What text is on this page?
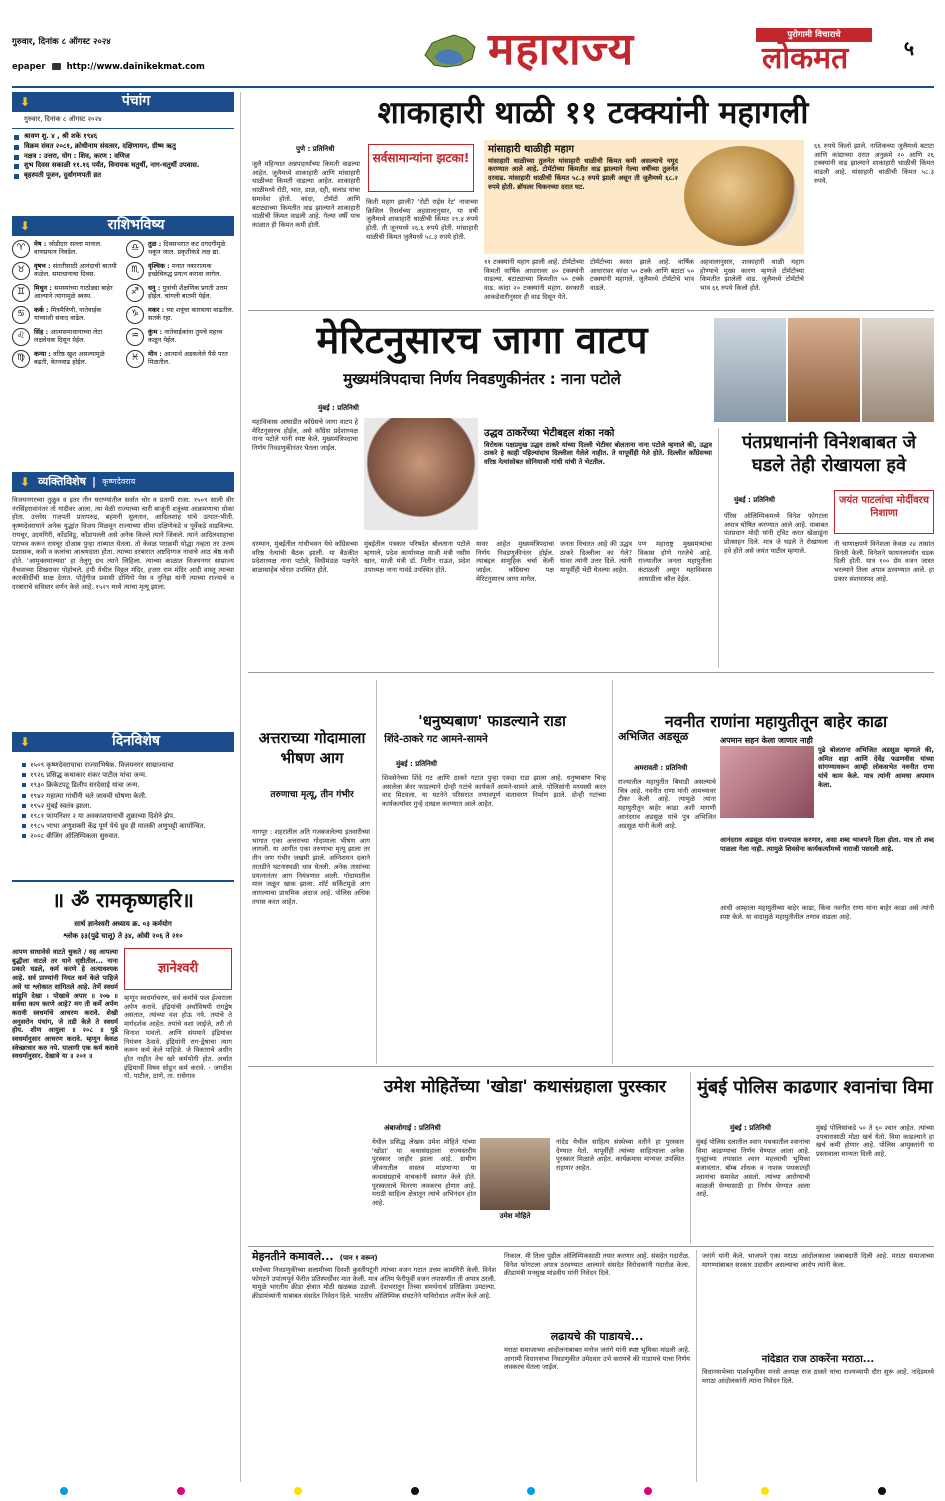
गुरुवार, दिनांक ८ ऑगस्ट २०२४
epaper http://www.dainikekmat.com	महाराज्य	पुरोगामी विचाराचे
लोकमत	५
⬇	पंचांग
गुरुवार, दिनांक ८ ऑगस्ट २०२४
श्रावण शु. ४ , श्री शके १९४६
विक्रम संवत २०८१, क्रोधीनाम संवत्सर, दक्षिणायन, ग्रीष्म ऋतु
नक्षत्र : उत्तरा, योग : शिव, करण : वणिज
शुभ दिवस सकाळी ११.१६ पर्यंत, विनायक चतुर्थी, नाग-चतुर्थी उपवास.
बृहस्पती पूजन, दुर्वागणपती व्रत
⬇	राशिभविष्य
♈	मेष : जोडीदार सल्ला मानाल. वाणप्रयत्न निवडेल.
♉	वृषभ : संततीसाठी आनंदाची बातमी कळेल. समाधानाचा दिवस.
♊	मिथुन : समस्यांच्या गाठोड्या बाहेर आल्याने त्यागामुळे स्वस्थ.
♋	कर्क : मित्रमैत्रिणी, नातेवाईक यांच्याशी संवाद वाढेल.
♌	सिंह : आत्मसमाधानाच्या लेटा लक्षवेधक दिसून येईल.
♍	कन्या : वरिष्ठ खुश असल्यामुळे बढती, वेतनवाढ होईल.
♎	तुळ : दिवसभरात कट दगदगीमुळे थकून जाल. प्रकृतीकडे लक्ष द्या.
♏	वृश्चिक : मनात नकारात्मक इच्छेविरुद्ध प्रयत्न करावा लागेल.
♐	धनु : पुत्रांची शैक्षणिक प्रगती उत्तम होईल. चांगली बातमी येईल.
♑	मकर : घ्या शत्रूंचा कारवाया वाढतील. सतर्क रहा.
♒	कुंभ : नातेवाईकांना तुमचे महत्त्व कळून येईल.
♓	मीन : आत्मार्थ अडकलेले पैसे परत मिळतील.
⬇ व्यक्तिविशेष | कृष्णदेवराय
विजयनगरच्या तुळुव व इतर तीन घराण्यांतील सर्वात थोर व प्रतापी राजा. १५०९ साली वीर नरसिंहरावांनंतर तो गादीवर आला. त्या वेळी राज्याच्या चारी बाजूंनी शत्रूंच्या आक्रमणाचा धोका होता. उत्तरेस गजपती प्रतापरुद्र, बहमनी सुलतान, आदिलशाह यांचे उत्पात-भीती. कृष्णदेवरायाने अनेक युद्धांत विजय मिळवून राज्याच्या सीमा दक्षिणेकडे व पूर्वेकडे वाढविल्या. रायचूर, उदयगिरी, कोंडविडू, कोंडापल्ली असे अनेक किल्ले त्याने जिंकले. त्याने आदिलशाहाचा पराभव करून रायचूर दोआब पुन्हा ताब्यात घेतला. तो केवळ पराक्रमी योद्धा नव्हता तर उत्तम प्रशासक, कवी व कलांचा आश्रयदाता होता. त्याच्या दरबारात अष्टदिग्गज नावाचे आठ श्रेष्ठ कवी होते. 'आमुक्तमाल्यदा' हा तेलुगू ग्रंथ त्याने लिहिला. त्याच्या काळात विजयनगर साम्राज्य वैभवाच्या शिखरावर पोहोचले. हंपी येथील विठ्ठल मंदिर, हजार राम मंदिर आदी वास्तू त्याच्या कारकीर्दीची साक्ष देतात. पोर्तुगीज प्रवासी डॉमिंगो पेस व नुनिझ यांनी त्याच्या राज्याचे व दरबाराचे सविस्तर वर्णन केले आहे. १५२९ मध्ये त्याचा मृत्यू झाला.
⬇	दिनविशेष
१५०९ कृष्णदेवरायाचा राज्याभिषेक. विजयनगर साम्राज्याचा
१९२६ प्रसिद्ध कथाकार शंकर पाटील यांचा जन्म.
१९३० क्रिकेटपटू डिलीप सरदेसाई यांचा जन्म.
१९४२ महात्मा गांधींनी चले जावची घोषणा केली.
१९५२ मुंबई स्वतंत्र झाला.
१९८१ फायनिशर २ या अवकाशयानाची शुक्राच्या दिशेने झेप.
१९८५ भाभा अणुशक्ती केंद्र पूर्ण येथे ध्रुव ही मालकी अणुभट्टी कार्यान्वित.
२००८ बीजिंग ऑलिम्पिकला सुरुवात.
॥ ॐ रामकृष्णहरि॥
सार्थ ज्ञानेश्वरी अध्याय क्र. ०३ कर्मयोग
श्लोक ३३(पुढे चालू) ते ३४, ओवी २०६ ते २१०
आपण साधावेसे वाटते चुकते / वह आपल्या बुद्धीला वाटले तर याने सृष्टीतील... नाना प्रकारे घडले, कर्म करणे हे अत्यावश्यक आहे. सर्व प्राण्यांनी नियत कर्म केले पाहिजे असे या श्लोकात सांगितले आहे. तेणें स्वधर्म सांडूनि देखा । पोखावे अपार ॥ २०७ ॥ सर्वथा काय करणे आहे? मग ती कर्मे अर्पण करावी स्वधर्माचे आचरण करावे. शेखी अनुसरोन पंचांग, जे तडी केले ते स्वधर्म होय. शीण आयुला ॥ २०८ ॥ पुढे स्वधर्मानुसार आचरण करावे. म्हणून केवळ स्वेच्छाचार करु नये. यालागी एक कर्म करावे स्वधर्मानुसार. देखावे या ॥ २०१ ॥
ज्ञानेश्वरी
म्हणून स्वधर्माचरण, सर्व कर्मांचे फल ईश्वराला अर्पण करावे. इंद्रियांची अर्थाविषयी रागद्वेष असतात, त्यांच्या वश होऊ नये. तयांचे ते मार्गदर्शक आहेत. तयांचे वशा जाईजे, तरी तो विनाश पावतो. आणि संयमाने इंद्रियांवर नियंत्रण ठेवावे. इंद्रियांनी राग-द्वेषाचा त्याग करून कर्म केले पाहिजे. जे विकाराचे अधीन होत नाहीत तेच खरे कर्मयोगी होत. अर्थात इंद्रियार्थी विषय सोडून कर्म करावे. - जगदीश गो. पाटील, ठाणे, ता. रासेगाव
शाकाहारी थाळी ११ टक्क्यांनी महागली
पुणे : प्रतिनिधी
सर्वसामान्यांना झटका!
जुलै महिन्यात अन्नपदार्थांच्या किमती वाढल्या आहेत. जुलैमध्ये शाकाहारी आणि मांसाहारी थाळीच्या किमती वाढल्या आहेत. शाकाहारी थाळीमध्ये रोटी, भात, डाळ, दही, सलाड यांचा समावेश होतो. कांदा, टोमॅटो आणि बटाट्याच्या किमतीत वाढ झाल्याने शाकाहारी थाळीची किंमत वाढली आहे. गेल्या वर्षी याच काळात ही किंमत कमी होती.
किती महाग झाली? 'रोटी राईस रेट' नावाच्या क्रिसिल रिसर्चच्या अहवालानुसार, या वर्षी जुलैमध्ये शाकाहारी थाळीची किंमत २९.४ रुपये होती. ती जूनमध्ये २६.६ रुपये होती. मांसाहारी थाळीची किंमत जुलैमध्ये ५८.३ रुपये होती.
मांसाहारी थाळीही महाग
मांसाहारी थाळीच्या तुलनेत मांसाहारी थाळीची किंमत कमी असल्याचे नमूद करण्यात आले आहे. टोमॅटोच्या किंमतीत वाढ झाल्याने गेल्या वर्षीच्या तुलनेत दरवाढ. मांसाहारी थाळीची किंमत ५८.३ रुपये झाली असून ती जुलैमध्ये ६८.२ रुपये होती. ब्रॉयलर चिकनच्या दरात घट.
११ टक्क्यांनी महाग झाली आहे. टोमॅटोच्या किमती वार्षिक आधारावर ४० टक्क्यांनी वाढल्या. बटाट्याच्या किमतीत ५० टक्के वाढ. कांदा २० टक्क्यांनी महाग. सरकारी आकडेवारीनुसार ही वाढ दिसून येते.
टोमॅटोच्या स्वस्त झाले आहे. वार्षिक आधारावर कांदा ५० टक्के आणि बटाटा ५० टक्क्यांनी महागले. जुलैमध्ये टोमॅटोचे भाव वाढले.
अहवालानुसार, शाकाहारी थाळी महाग होण्याचे मुख्य कारण म्हणजे टोमॅटोच्या किमतीत झालेली वाढ. जुलैमध्ये टोमॅटोचे भाव ६६ रुपये किलो होते.
६६ रुपये किलो झाले. नाशिकच्या जुलैमध्ये बटाटा आणि कांद्याच्या दरात अनुक्रमे २० आणि २६ टक्क्यांनी वाढ झाल्याने शाकाहारी थाळीची किंमत वाढली आहे. मांसाहारी थाळीची किंमत ५८.३ रुपये.
मेरिटनुसारच जागा वाटप
मुख्यमंत्रिपदाचा निर्णय निवडणुकीनंतर : नाना पटोले
मुंबई : प्रतिनिधी
उद्धव ठाकरेंच्या भेटीबद्दल शंका नको
विरोधक पक्षप्रमुख उद्धव ठाकरे यांच्या दिल्ली भेटीवर बोलताना नाना पटोले म्हणाले की, उद्धव ठाकरे हे काही पहिल्यांदाच दिल्लीला गेलेले नाहीत. ते यापूर्वीही गेले होते. दिल्लीत काँग्रेसच्या वरिष्ठ नेत्यांसोबत सोनियाजी गांधी यांची ते भेटतील.
महाविकास आघाडीत काँग्रेसचे जागा वाटप हे मेरिटनुसारच होईल, असे काँग्रेस प्रदेशाध्यक्ष नाना पटोले यांनी स्पष्ट केले. मुख्यमंत्रिपदाचा निर्णय निवडणुकीनंतर घेतला जाईल.
दरम्यान, मुंबईतील गांधीभवन येथे काँग्रेसच्या वरिष्ठ नेत्यांची बैठक झाली. या बैठकीत प्रदेशाध्यक्ष नाना पटोले, विधीमंडळ पक्षनेते बाळासाहेब थोरात उपस्थित होते.
मुंबईतील पत्रकार परिषदेत बोलताना पटोले म्हणाले, प्रदेश कार्याध्यक्ष माजी मंत्री नसीम खान, माजी मंत्री डॉ. नितीन राऊत, प्रदेश उपाध्यक्ष नाना गावंडे उपस्थित होते.
यावर आहेत मुख्यमंत्रिपदाचा निर्णय निवडणुकीनंतर होईल. त्याबद्दल सामूहिक चर्चा केली जाईल. काँग्रेसचा पक्ष मेरिटनुसारच जागा मागेल.
जनता विचारत आहे की उद्धव ठाकरे दिल्लीला का गेले? यावर त्यांनी उत्तर दिले. त्यांनी यापूर्वीही भेटी घेतल्या आहेत.
पण महाराष्ट्र मुख्यमंत्र्यांचा विकास होणे गरजेचे आहे. राज्यातील जनता महायुतीला कंटाळली असून महाविकास आघाडीला कौल देईल.
पंतप्रधानांनी विनेशबाबत जे घडले तेही रोखायला हवे
मुंबई : प्रतिनिधी	जयंत पाटलांचा मोदींवरच निशाणा
पॅरिस ऑलिम्पिकमध्ये विनेश फोगटला अपात्र घोषित करण्यात आले आहे. याबाबत पंतप्रधान मोदी यांनी ट्विट करत खेळाडूंना प्रोत्साहन दिले. मात्र जे घडले ते रोखायला हवे होते असे जयंत पाटील म्हणाले.
नी चाणाक्षपणे विनेशला केवळ २४ तासांत विनंती केली. विनेशने फायनलपर्यंत धडक दिली होती. मात्र १०० ग्रॅम वजन जास्त भरल्याने तिला अपात्र ठरवण्यात आले. हा प्रकार संशयास्पद आहे.
अत्तराच्या गोदामाला भीषण आग
तरुणाचा मृत्यू, तीन गंभीर
नागपूर : शहरातील अति गजबजलेल्या इतवारीच्या भागात एका अत्तराच्या गोदामाला भीषण आग लागली. या आगीत एका तरुणाचा मृत्यू झाला तर तीन जण गंभीर जखमी झाले. अग्निशमन दलाने तातडीने घटनास्थळी धाव घेतली. अनेक तासांच्या प्रयत्नानंतर आग नियंत्रणात आली. गोदामातील माल जळून खाक झाला. शॉर्ट सर्किटमुळे आग लागल्याचा प्राथमिक अंदाज आहे. पोलिस अधिक तपास करत आहेत.
'धनुष्यबाण' फाडल्याने राडा
शिंदे-ठाकरे गट आमने-सामने
मुंबई : प्रतिनिधी
शिवसेनेच्या शिंदे गट आणि ठाकरे गटात पुन्हा एकदा राडा झाला आहे. धनुष्यबाण चिन्ह असलेला बॅनर फाडल्याने दोन्ही गटांचे कार्यकर्ते आमने-सामने आले. पोलिसांनी मध्यस्थी करत वाद मिटवला. या घटनेने परिसरात तणावपूर्ण वातावरण निर्माण झाले. दोन्ही गटांच्या कार्यकर्त्यांवर गुन्हे दाखल करण्यात आले आहेत.
नवनीत राणांना महायुतीतून बाहेर काढा
अपमान सहन केला जाणार नाही
अभिजित अडसूळ
अमरावती : प्रतिनिधी
पुढे बोलताना अभिजित अडसूळ म्हणाले की, अमित शहा आणि देवेंद्र फडणवीस यांच्या सांगण्यावरून आम्ही लोकसभेत नवनीत राणा यांचे काम केले. मात्र त्यांनी आमचा अपमान केला.
राज्यातील महायुतीत बिघाडी असल्याचे चित्र आहे. नवनीत राणा यांनी आमच्यावर टीका केली आहे. त्यामुळे त्यांना महायुतीतून बाहेर काढा अशी मागणी आनंदराव अडसूळ यांचे पुत्र अभिजित अडसूळ यांनी केली आहे.
आनंदराव अडसूळ यांना राज्यपाल करणार, असा शब्द भाजपने दिला होता. मात्र तो शब्द पाळला गेला नाही. त्यामुळे शिवसेना कार्यकर्त्यांमध्ये नाराजी पसरली आहे.
आधी आम्हाला महायुतीच्या बाहेर काढा, किंवा नवनीत राणा यांना बाहेर काढा असे त्यांनी स्पष्ट केले. या वादामुळे महायुतीतील तणाव वाढला आहे.
उमेश मोहितेंच्या 'खोडा' कथासंग्रहाला पुरस्कार
अंबाजोगाई : प्रतिनिधी
उमेश मोहिते
येथील प्रसिद्ध लेखक उमेश मोहिते यांच्या 'खोडा' या कथासंग्रहाला राज्यस्तरीय पुरस्कार जाहीर झाला आहे. ग्रामीण जीवनातील वास्तव मांडणाऱ्या या कथासंग्रहाचे वाचकांनी स्वागत केले होते. पुरस्काराचे वितरण लवकरच होणार आहे. मराठी साहित्य क्षेत्रातून त्यांचे अभिनंदन होत आहे.
नांदेड येथील साहित्य संस्थेच्या वतीने हा पुरस्कार देण्यात येतो. यापूर्वीही त्यांच्या साहित्याला अनेक पुरस्कार मिळाले आहेत. कार्यक्रमास मान्यवर उपस्थित राहणार आहेत.
मुंबई पोलिस काढणार श्वानांचा विमा
मुंबई : प्रतिनिधी
मुंबई पोलिस दलातील श्वान पथकातील श्वानांचा विमा काढण्याचा निर्णय घेण्यात आला आहे. गुन्ह्यांच्या तपासात श्वान महत्त्वाची भूमिका बजावतात. बॉम्ब शोधक व नाशक पथकातही श्वानांचा समावेश असतो. त्यांच्या आरोग्याची काळजी घेण्यासाठी हा निर्णय घेण्यात आला आहे.
मुंबई पोलिसांकडे ५० ते ६० श्वान आहेत. त्यांच्या उपचारासाठी मोठा खर्च येतो. विमा काढल्याने हा खर्च कमी होणार आहे. पोलिस आयुक्तांनी या प्रस्तावाला मान्यता दिली आहे.
मेहनतीने कमावले... (पान १ वरून)
स्पर्धेच्या निवडणुकीच्या सलामीच्या दिवशी कुस्तीपटूंनी त्यांच्या वजन गटात उत्तम कामगिरी केली. विनेश फोगटने उपांत्यपूर्व फेरीत प्रतिस्पर्धीवर मात केली. मात्र अंतिम फेरीपूर्वी वजन तपासणीत ती अपात्र ठरली. यामुळे भारतीय क्रीडा क्षेत्रात मोठी खळबळ उडाली. देशभरातून तिच्या समर्थनार्थ प्रतिक्रिया उमटल्या. क्रीडामंत्र्यांनी याबाबत संसदेत निवेदन दिले. भारतीय ऑलिम्पिक संघटनेने याविरोधात अपील केले आहे.
निकाल. मी तिला पुढील ऑलिम्पिकसाठी तयार करणार आहे. संसदेत गदारोळ. विनेश फोगटला अपात्र ठरवण्यात आल्याने संसदेत विरोधकांनी गदारोळ केला. क्रीडामंत्री मनसुख मांडवीय यांनी निवेदन दिले.
लढायचे की पाडायचे...
मराठा समाजाच्या आंदोलनाबाबत मनोज जरांगे यांनी स्पष्ट भूमिका मांडली आहे. आगामी विधानसभा निवडणुकीत उमेदवार उभे करायचे की पाडायचे याचा निर्णय लवकरच घेतला जाईल.
जरांगे यांनी केले. भाजपने एका मराठा आंदोलकाला जबाबदारी दिली आहे. मराठा समाजाच्या मागण्यांबाबत सरकार उदासीन असल्याचा आरोप त्यांनी केला.
नांदेडात राज ठाकरेंना मराठा...
विधानसभेच्या पार्श्वभूमीवर मनसे अध्यक्ष राज ठाकरे यांचा राज्यव्यापी दौरा सुरू आहे. नांदेडमध्ये मराठा आंदोलकांनी त्यांना निवेदन दिले.
